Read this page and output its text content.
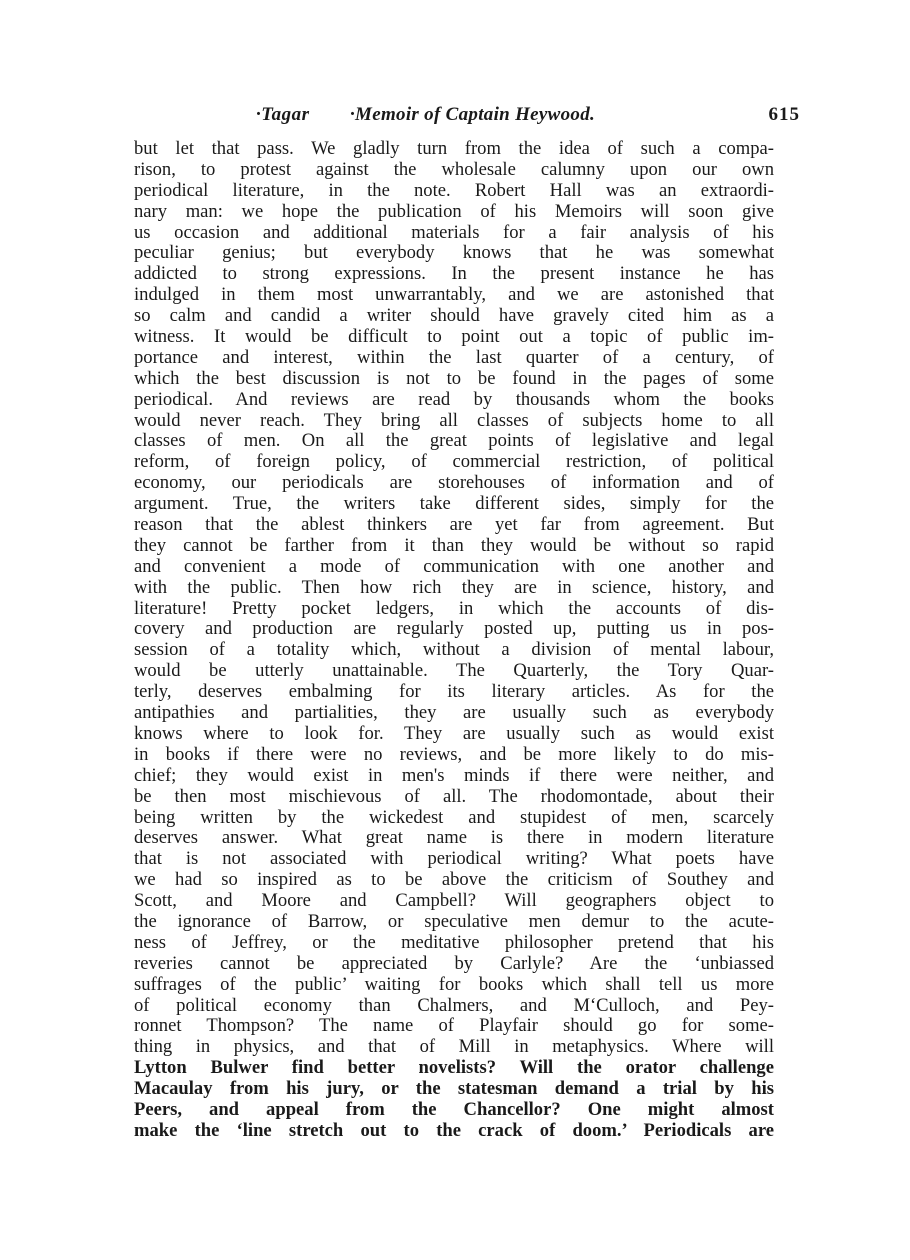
·Tagar ·Memoir of Captain Heywood.	615
but let that pass. We gladly turn from the idea of such a compa-
rison, to protest against the wholesale calumny upon our own
periodical literature, in the note. Robert Hall was an extraordi-
nary man: we hope the publication of his Memoirs will soon give
us occasion and additional materials for a fair analysis of his
peculiar genius; but everybody knows that he was somewhat
addicted to strong expressions. In the present instance he has
indulged in them most unwarrantably, and we are astonished that
so calm and candid a writer should have gravely cited him as a
witness. It would be difficult to point out a topic of public im-
portance and interest, within the last quarter of a century, of
which the best discussion is not to be found in the pages of some
periodical. And reviews are read by thousands whom the books
would never reach. They bring all classes of subjects home to all
classes of men. On all the great points of legislative and legal
reform, of foreign policy, of commercial restriction, of political
economy, our periodicals are storehouses of information and of
argument. True, the writers take different sides, simply for the
reason that the ablest thinkers are yet far from agreement. But
they cannot be farther from it than they would be without so rapid
and convenient a mode of communication with one another and
with the public. Then how rich they are in science, history, and
literature! Pretty pocket ledgers, in which the accounts of dis-
covery and production are regularly posted up, putting us in pos-
session of a totality which, without a division of mental labour,
would be utterly unattainable. The Quarterly, the Tory Quar-
terly, deserves embalming for its literary articles. As for the
antipathies and partialities, they are usually such as everybody
knows where to look for. They are usually such as would exist
in books if there were no reviews, and be more likely to do mis-
chief; they would exist in men's minds if there were neither, and
be then most mischievous of all. The rhodomontade, about their
being written by the wickedest and stupidest of men, scarcely
deserves answer. What great name is there in modern literature
that is not associated with periodical writing? What poets have
we had so inspired as to be above the criticism of Southey and
Scott, and Moore and Campbell? Will geographers object to
the ignorance of Barrow, or speculative men demur to the acute-
ness of Jeffrey, or the meditative philosopher pretend that his
reveries cannot be appreciated by Carlyle? Are the ‘unbiassed
suffrages of the public’ waiting for books which shall tell us more
of political economy than Chalmers, and M‘Culloch, and Pey-
ronnet Thompson? The name of Playfair should go for some-
thing in physics, and that of Mill in metaphysics. Where will
Lytton Bulwer find better novelists? Will the orator challenge
Macaulay from his jury, or the statesman demand a trial by his
Peers, and appeal from the Chancellor? One might almost
make the ‘line stretch out to the crack of doom.’ Periodicals are
